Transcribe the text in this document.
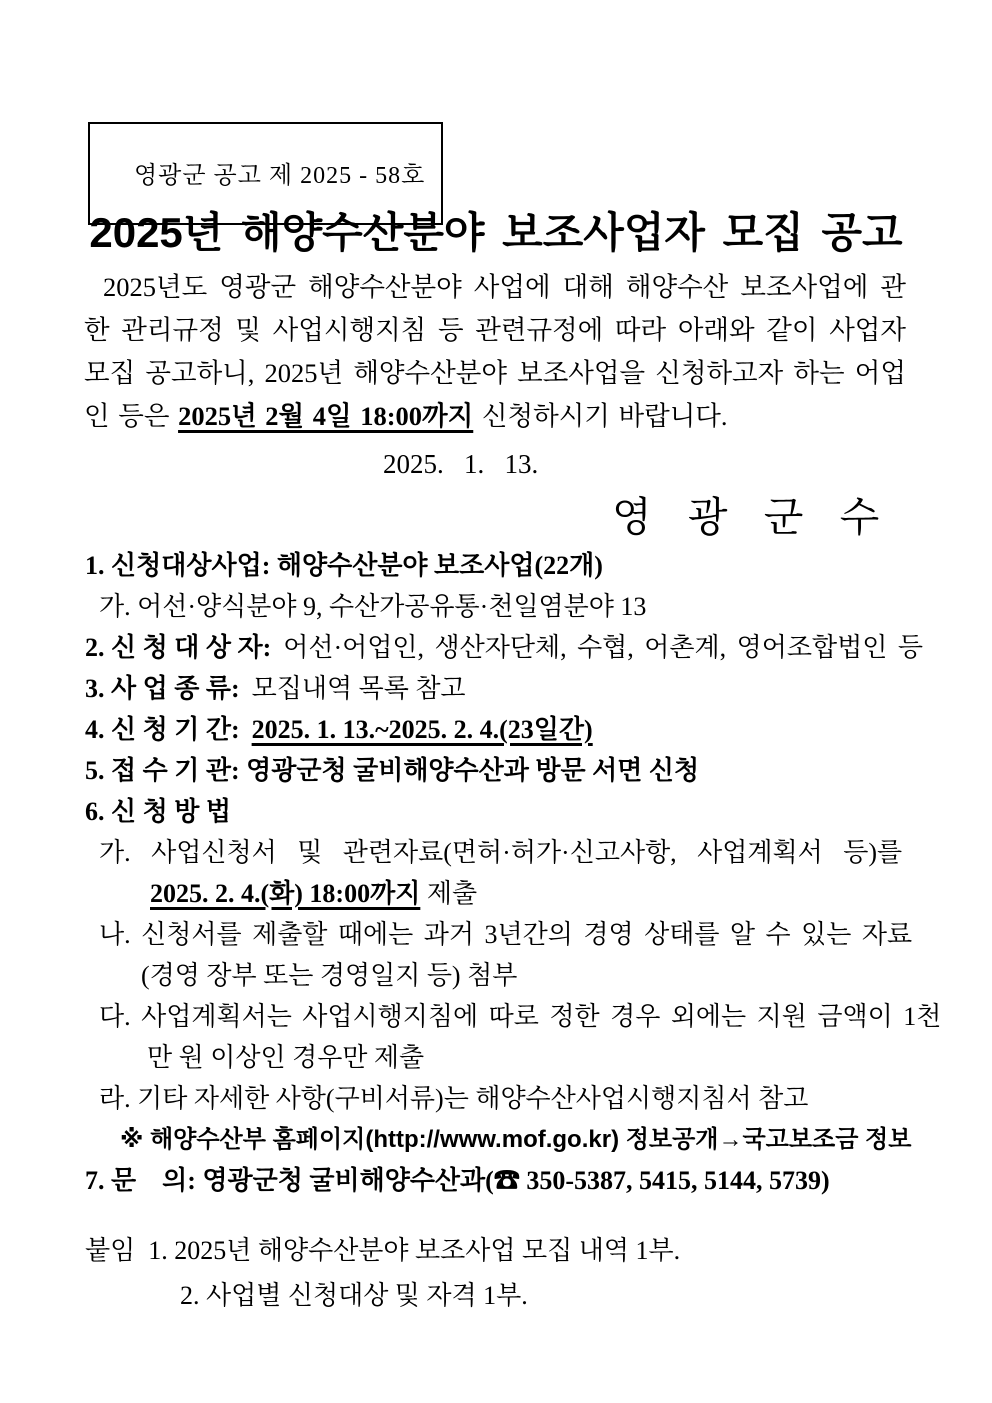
영광군 공고 제 2025 - 58호

2025년 해양수산분야 보조사업자 모집 공고

2025년도 영광군 해양수산분야 사업에 대해 해양수산 보조사업에 관한 관리규정 및 사업시행지침 등 관련규정에 따라 아래와 같이 사업자 모집 공고하니, 2025년 해양수산분야 보조사업을 신청하고자 하는 어업인 등은 2025년 2월 4일 18:00까지 신청하시기 바랍니다.

2025.   1.   13.
영 광 군 수
1. 신청대상사업: 해양수산분야 보조사업(22개)
가. 어선·양식분야 9, 수산가공유통·천일염분야 13
2. 신 청 대 상 자: 어선·어업인, 생산자단체, 수협, 어촌계, 영어조합법인 등
3. 사 업 종 류: 모집내역 목록 참고
4. 신 청 기 간: 2025. 1. 13.~2025. 2. 4.(23일간)
5. 접 수 기 관: 영광군청 굴비해양수산과 방문 서면 신청
6. 신 청 방 법
가. 사업신청서 및 관련자료(면허·허가·신고사항, 사업계획서 등)를
2025. 2. 4.(화) 18:00까지 제출
나. 신청서를 제출할 때에는 과거 3년간의 경영 상태를 알 수 있는 자료
(경영 장부 또는 경영일지 등) 첨부
다. 사업계획서는 사업시행지침에 따로 정한 경우 외에는 지원 금액이 1천
만 원 이상인 경우만 제출
라. 기타 자세한 사항(구비서류)는 해양수산사업시행지침서 참고
※ 해양수산부 홈페이지(http://www.mof.go.kr) 정보공개→국고보조금 정보
7. 문    의: 영광군청 굴비해양수산과(☎ 350-5387, 5415, 5144, 5739)
붙임  1. 2025년 해양수산분야 보조사업 모집 내역 1부.
2. 사업별 신청대상 및 자격 1부.
